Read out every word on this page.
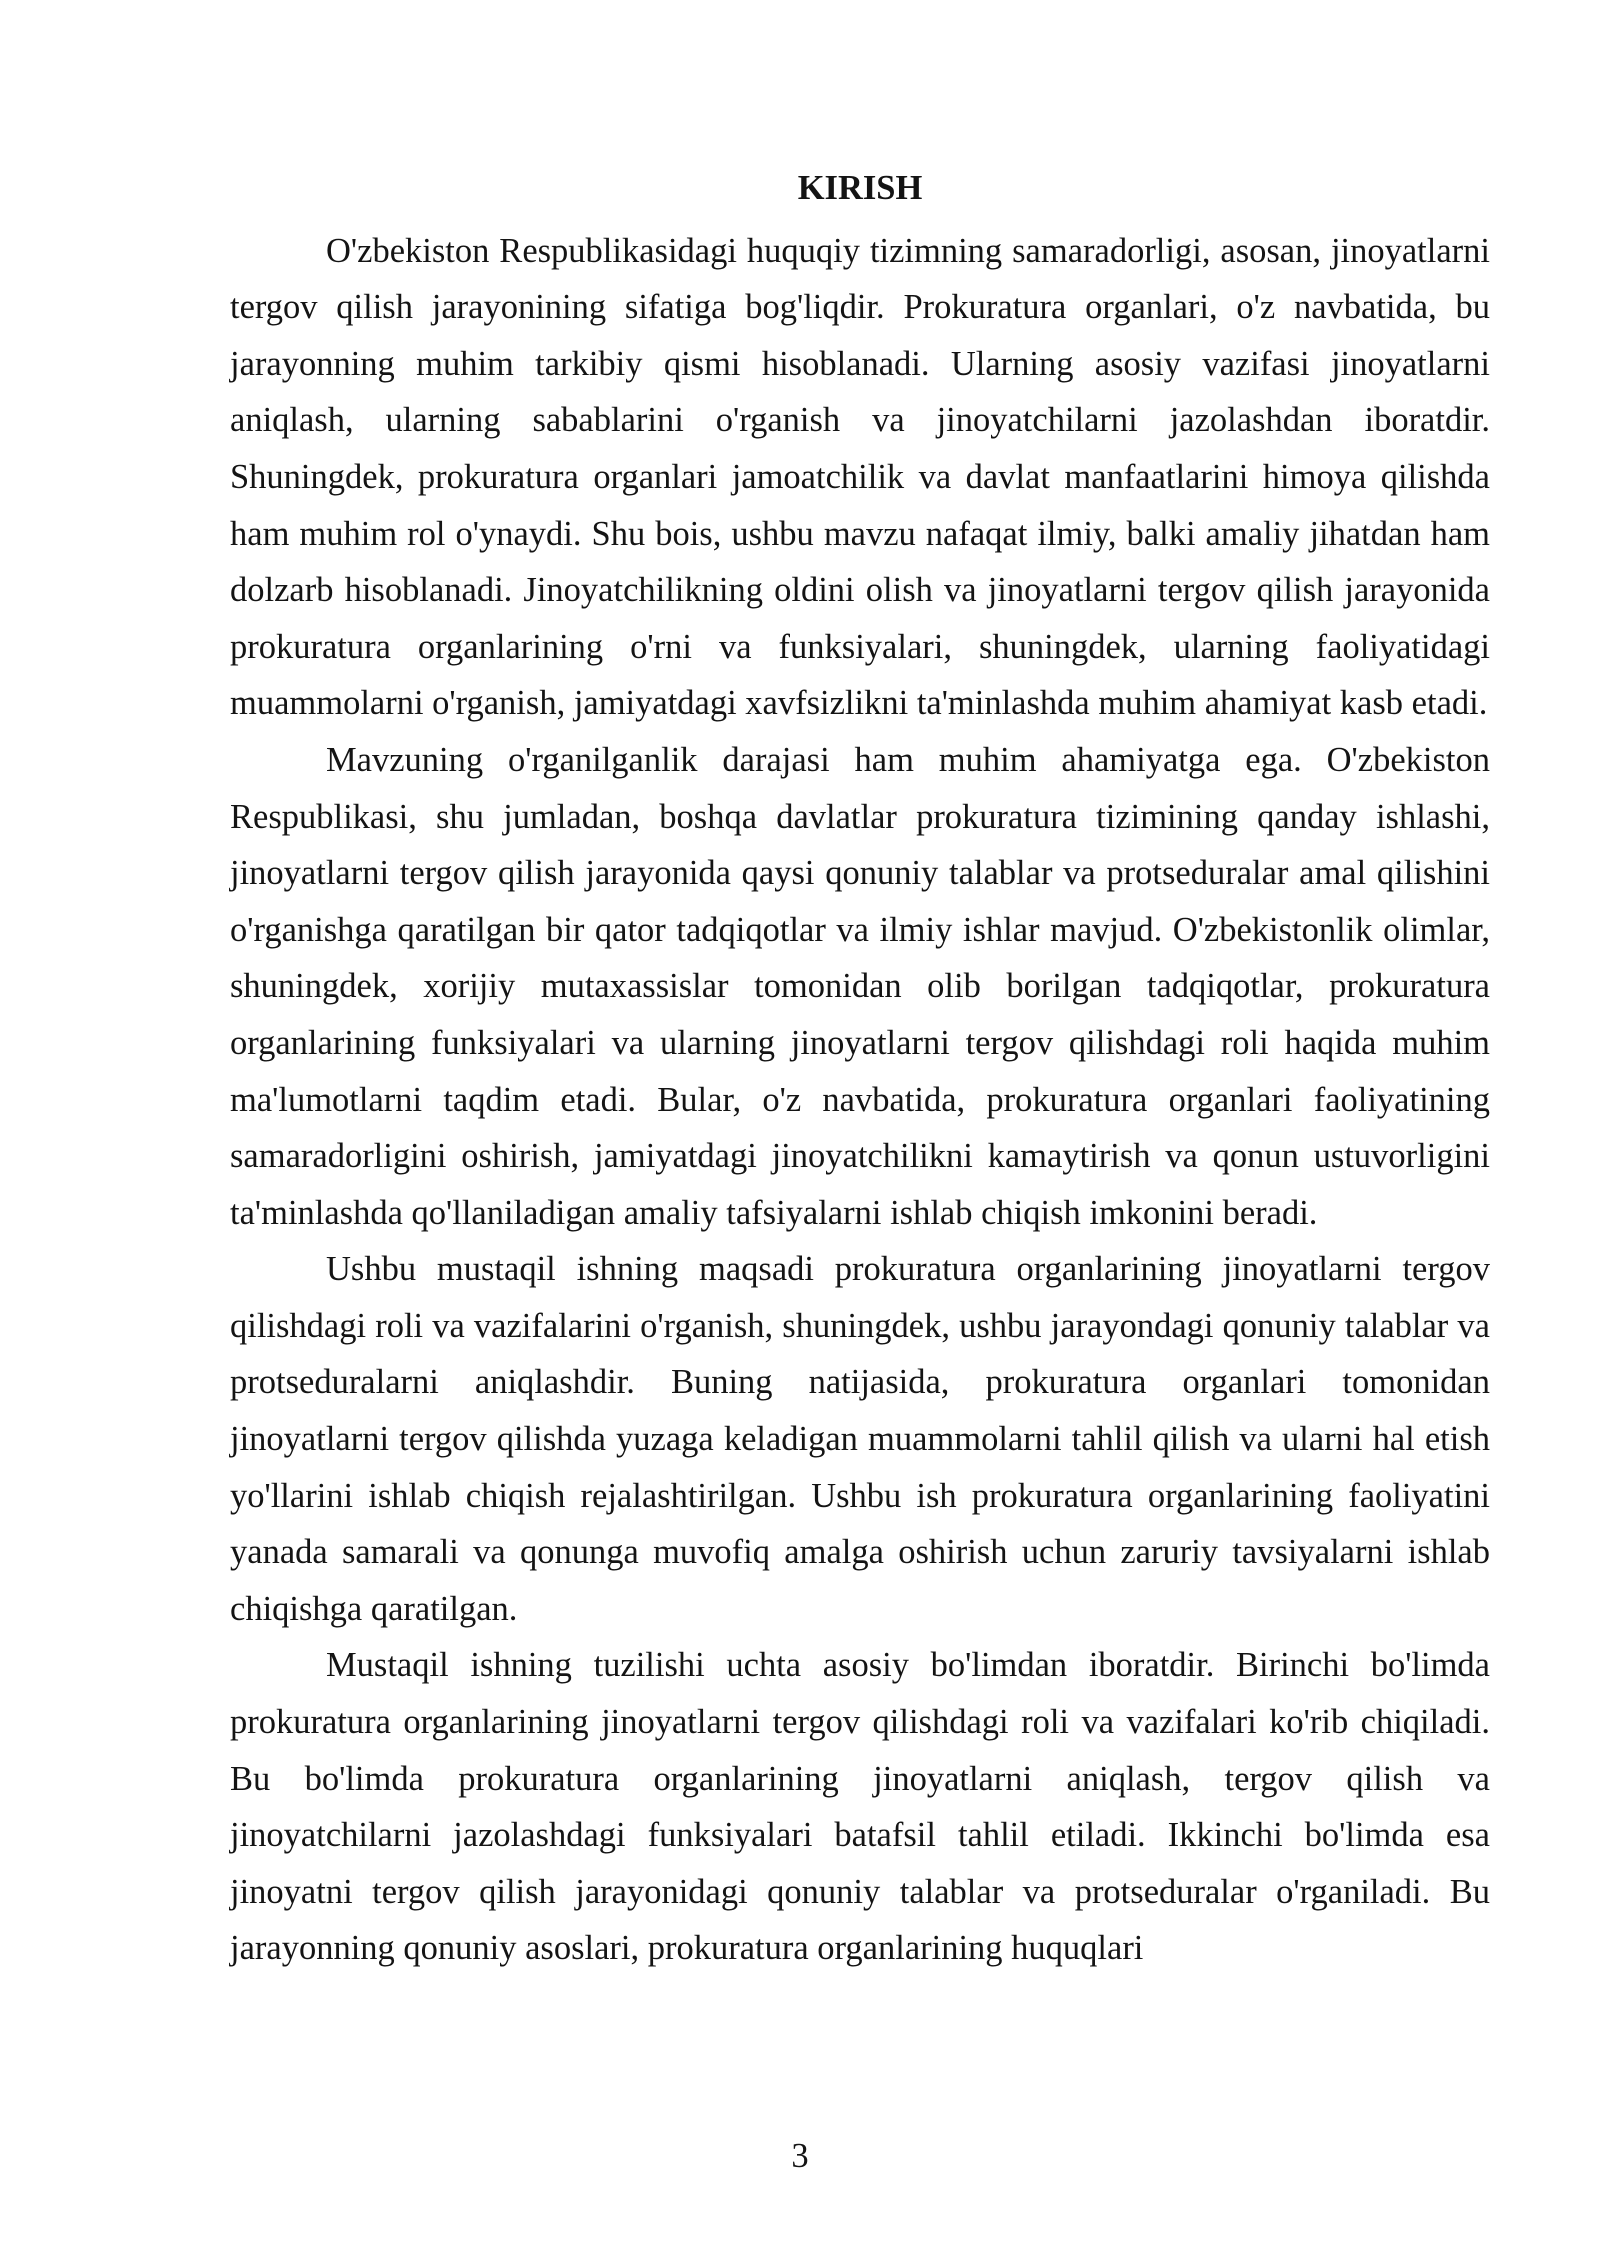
KIRISH

O'zbekiston Respublikasidagi huquqiy tizimning samaradorligi, asosan, jinoyatlarni tergov qilish jarayonining sifatiga bog'liqdir. Prokuratura organlari, o'z navbatida, bu jarayonning muhim tarkibiy qismi hisoblanadi. Ularning asosiy vazifasi jinoyatlarni aniqlash, ularning sabablarini o'rganish va jinoyatchilarni jazolashdan iboratdir. Shuningdek, prokuratura organlari jamoatchilik va davlat manfaatlarini himoya qilishda ham muhim rol o'ynaydi. Shu bois, ushbu mavzu nafaqat ilmiy, balki amaliy jihatdan ham dolzarb hisoblanadi. Jinoyatchilikning oldini olish va jinoyatlarni tergov qilish jarayonida prokuratura organlarining o'rni va funksiyalari, shuningdek, ularning faoliyatidagi muammolarni o'rganish, jamiyatdagi xavfsizlikni ta'minlashda muhim ahamiyat kasb etadi.

Mavzuning o'rganilganlik darajasi ham muhim ahamiyatga ega. O'zbekiston Respublikasi, shu jumladan, boshqa davlatlar prokuratura tizimining qanday ishlashi, jinoyatlarni tergov qilish jarayonida qaysi qonuniy talablar va protseduralar amal qilishini o'rganishga qaratilgan bir qator tadqiqotlar va ilmiy ishlar mavjud. O'zbekistonlik olimlar, shuningdek, xorijiy mutaxassislar tomonidan olib borilgan tadqiqotlar, prokuratura organlarining funksiyalari va ularning jinoyatlarni tergov qilishdagi roli haqida muhim ma'lumotlarni taqdim etadi. Bular, o'z navbatida, prokuratura organlari faoliyatining samaradorligini oshirish, jamiyatdagi jinoyatchilikni kamaytirish va qonun ustuvorligini ta'minlashda qo'llaniladigan amaliy tafsiyalarni ishlab chiqish imkonini beradi.

Ushbu mustaqil ishning maqsadi prokuratura organlarining jinoyatlarni tergov qilishdagi roli va vazifalarini o'rganish, shuningdek, ushbu jarayondagi qonuniy talablar va protseduralarni aniqlashdir. Buning natijasida, prokuratura organlari tomonidan jinoyatlarni tergov qilishda yuzaga keladigan muammolarni tahlil qilish va ularni hal etish yo'llarini ishlab chiqish rejalashtirilgan. Ushbu ish prokuratura organlarining faoliyatini yanada samarali va qonunga muvofiq amalga oshirish uchun zaruriy tavsiyalarni ishlab chiqishga qaratilgan.

Mustaqil ishning tuzilishi uchta asosiy bo'limdan iboratdir. Birinchi bo'limda prokuratura organlarining jinoyatlarni tergov qilishdagi roli va vazifalari ko'rib chiqiladi. Bu bo'limda prokuratura organlarining jinoyatlarni aniqlash, tergov qilish va jinoyatchilarni jazolashdagi funksiyalari batafsil tahlil etiladi. Ikkinchi bo'limda esa jinoyatni tergov qilish jarayonidagi qonuniy talablar va protseduralar o'rganiladi. Bu jarayonning qonuniy asoslari, prokuratura organlarining huquqlari

3
